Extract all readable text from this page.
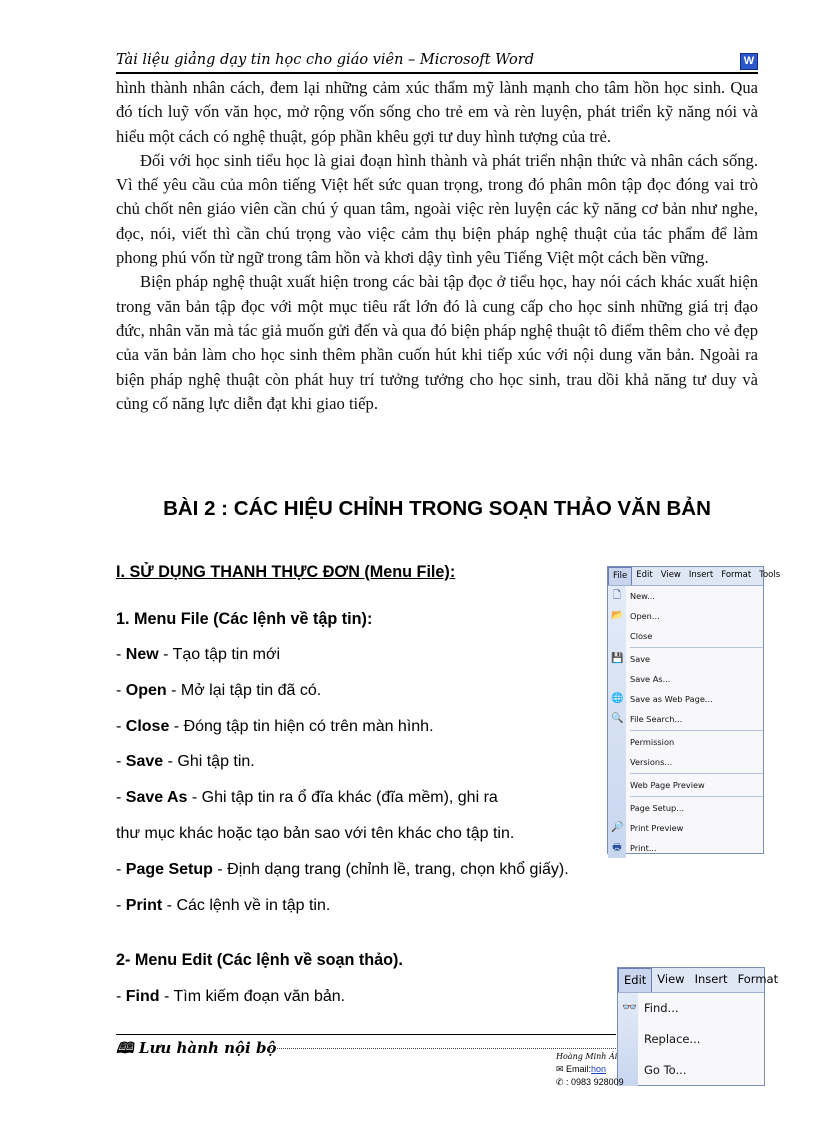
Tài liệu giảng dạy tin học cho giáo viên – Microsoft Word	W

hình thành nhân cách, đem lại những cảm xúc thẩm mỹ lành mạnh cho tâm hồn học sinh. Qua đó tích luỹ vốn văn học, mở rộng vốn sống cho trẻ em và rèn luyện, phát triển kỹ năng nói và hiểu một cách có nghệ thuật, góp phần khêu gợi tư duy hình tượng của trẻ.

Đối với học sinh tiểu học là giai đoạn hình thành và phát triển nhận thức và nhân cách sống. Vì thế yêu cầu của môn tiếng Việt hết sức quan trọng, trong đó phân môn tập đọc đóng vai trò chủ chốt nên giáo viên cần chú ý quan tâm, ngoài việc rèn luyện các kỹ năng cơ bản như nghe, đọc, nói, viết thì cần chú trọng vào việc cảm thụ biện pháp nghệ thuật của tác phẩm để làm phong phú vốn từ ngữ trong tâm hồn và khơi dậy tình yêu Tiếng Việt một cách bền vững.

Biện pháp nghệ thuật xuất hiện trong các bài tập đọc ở tiểu học, hay nói cách khác xuất hiện trong văn bản tập đọc với một mục tiêu rất lớn đó là cung cấp cho học sinh những giá trị đạo đức, nhân văn mà tác giả muốn gửi đến và qua đó biện pháp nghệ thuật tô điểm thêm cho vẻ đẹp của văn bản làm cho học sinh thêm phần cuốn hút khi tiếp xúc với nội dung văn bản. Ngoài ra biện pháp nghệ thuật còn phát huy trí tưởng tưởng cho học sinh, trau dồi khả năng tư duy và củng cố năng lực diễn đạt khi giao tiếp.

BÀI 2 : CÁC HIỆU CHỈNH TRONG SOẠN THẢO VĂN BẢN
I. SỬ DỤNG THANH THỰC ĐƠN (Menu File):
1. Menu File (Các lệnh về tập tin):
- New - Tạo tập tin mới
- Open - Mở lại tập tin đã có.
- Close - Đóng tập tin hiện có trên màn hình.
- Save - Ghi tập tin.
- Save As - Ghi tập tin ra ổ đĩa khác (đĩa mềm), ghi ra
thư mục khác hoặc tạo bản sao với tên khác cho tập tin.
- Page Setup - Định dạng trang (chỉnh lề, trang, chọn khổ giấy).
- Print - Các lệnh về in tập tin.
2- Menu Edit (Các lệnh về soạn thảo).
- Find - Tìm kiếm đoạn văn bản.
File	Edit View Insert Format Tools
🗋 New...
📂 Open...
Close
💾 Save
Save As...
🌐 Save as Web Page...
🔍 File Search...
Permission
Versions...
Web Page Preview
Page Setup...
🔎 Print Preview
🖶 Print...
Edit View Insert Format
👓 Find...
Replace...
Go To...
🕮 Lưu hành nội bộ	Hoàng Minh Ái
✉ Email:hon
✆ : 0983 928009
